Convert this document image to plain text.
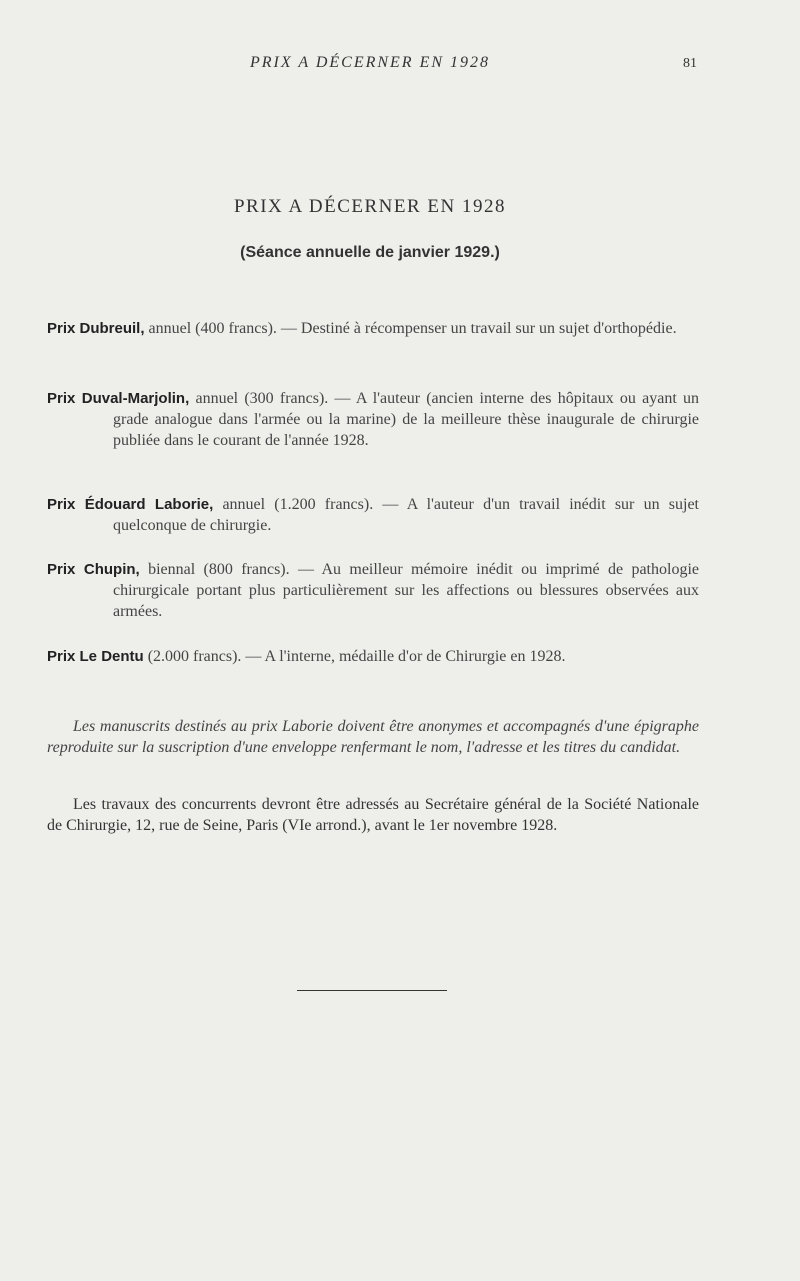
PRIX A DÉCERNER EN 1928	81
PRIX A DÉCERNER EN 1928
(Séance annuelle de janvier 1929.)

Prix Dubreuil, annuel (400 francs). — Destiné à récompenser un travail sur un sujet d'orthopédie.

Prix Duval-Marjolin, annuel (300 francs). — A l'auteur (ancien interne des hôpitaux ou ayant un grade analogue dans l'armée ou la marine) de la meilleure thèse inaugurale de chirurgie publiée dans le courant de l'année 1928.

Prix Édouard Laborie, annuel (1.200 francs). — A l'auteur d'un travail inédit sur un sujet quelconque de chirurgie.

Prix Chupin, biennal (800 francs). — Au meilleur mémoire inédit ou imprimé de pathologie chirurgicale portant plus particulièrement sur les affections ou blessures observées aux armées.

Prix Le Dentu (2.000 francs). — A l'interne, médaille d'or de Chirurgie en 1928.

Les manuscrits destinés au prix Laborie doivent être anonymes et accompagnés d'une épigraphe reproduite sur la suscription d'une enveloppe renfermant le nom, l'adresse et les titres du candidat.

Les travaux des concurrents devront être adressés au Secrétaire général de la Société Nationale de Chirurgie, 12, rue de Seine, Paris (VIe arrond.), avant le 1er novembre 1928.
